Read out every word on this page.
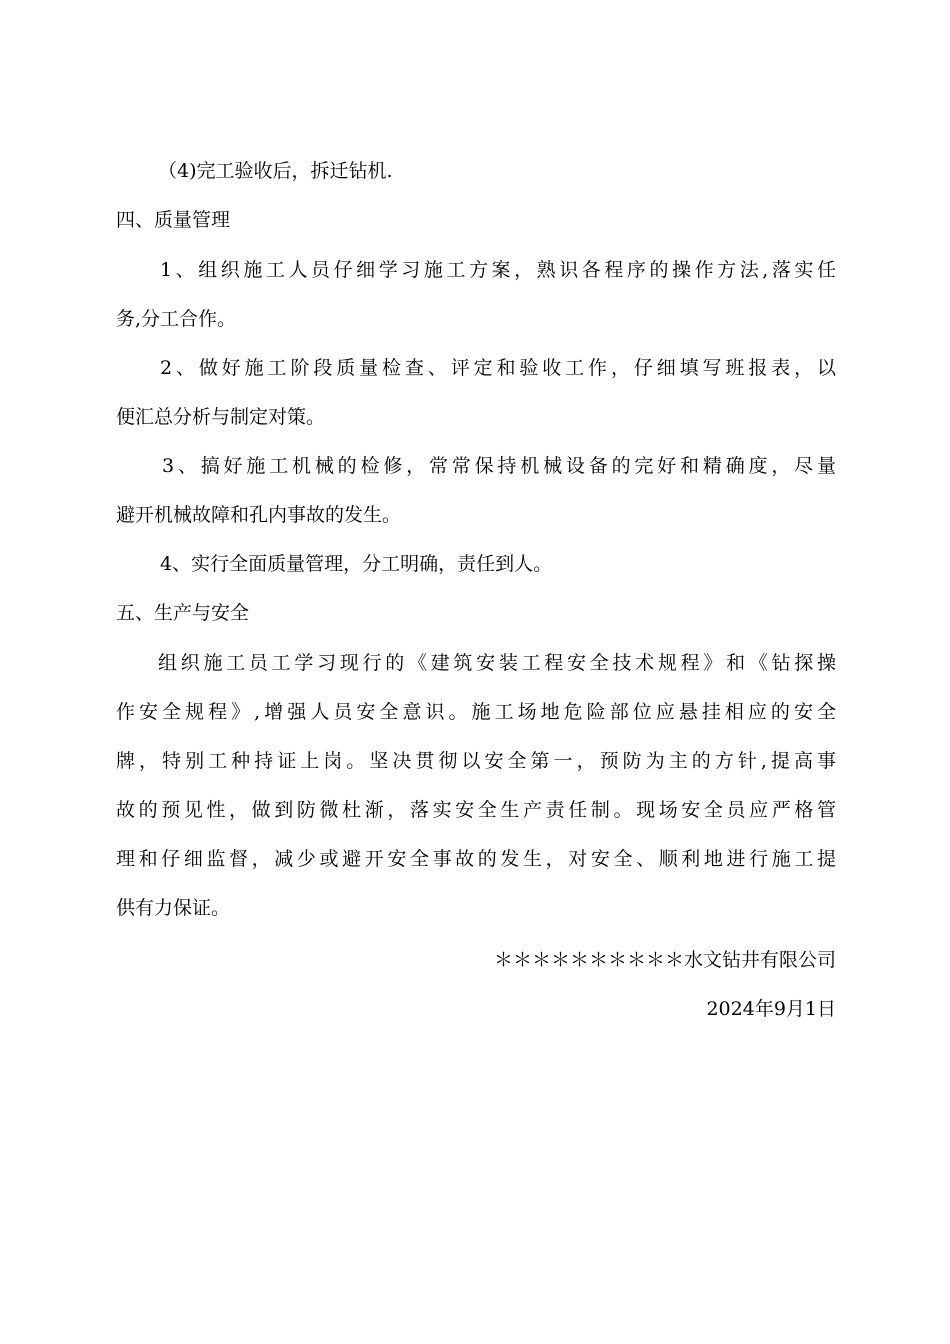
（4)完工验收后，拆迁钻机.
四、质量管理
1、组织施工人员仔细学习施工方案，熟识各程序的操作方法,落实任
务,分工合作。
2、做好施工阶段质量检查、评定和验收工作，仔细填写班报表，以
便汇总分析与制定对策。
3、搞好施工机械的检修，常常保持机械设备的完好和精确度，尽量
避开机械故障和孔内事故的发生。
4、实行全面质量管理，分工明确，责任到人。
五、生产与安全
组织施工员工学习现行的《建筑安装工程安全技术规程》和《钻探操
作安全规程》,增强人员安全意识。施工场地危险部位应悬挂相应的安全
牌，特别工种持证上岗。坚决贯彻以安全第一，预防为主的方针,提高事
故的预见性，做到防微杜渐，落实安全生产责任制。现场安全员应严格管
理和仔细监督，减少或避开安全事故的发生，对安全、顺利地进行施工提
供有力保证。
＊＊＊＊＊＊＊＊＊＊水文钻井有限公司
2024年9月1日
